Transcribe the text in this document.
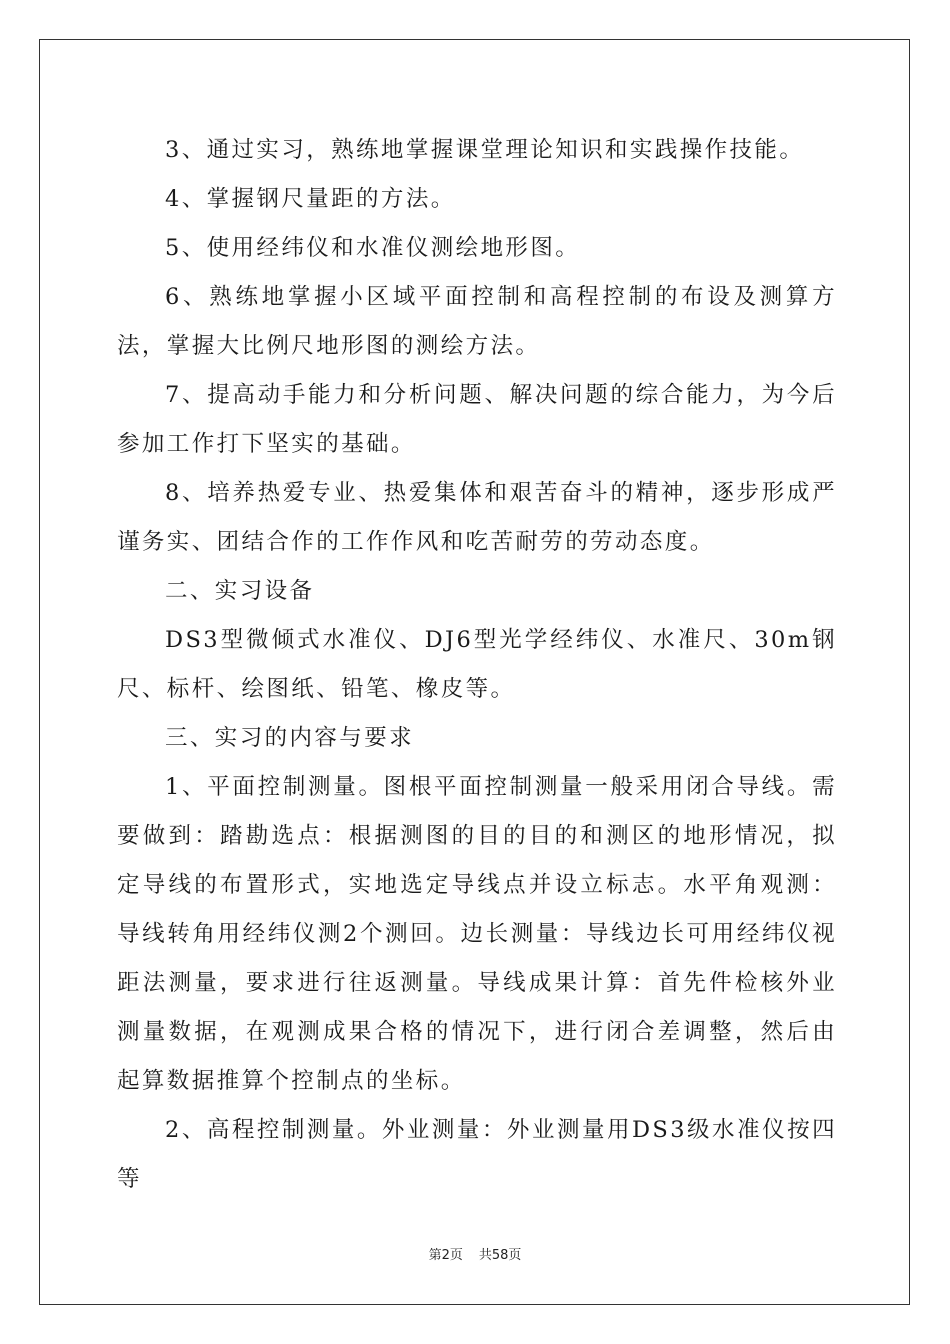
3、通过实习，熟练地掌握课堂理论知识和实践操作技能。

4、掌握钢尺量距的方法。

5、使用经纬仪和水准仪测绘地形图。

6、熟练地掌握小区域平面控制和高程控制的布设及测算方法，掌握大比例尺地形图的测绘方法。

7、提高动手能力和分析问题、解决问题的综合能力，为今后参加工作打下坚实的基础。

8、培养热爱专业、热爱集体和艰苦奋斗的精神，逐步形成严谨务实、团结合作的工作作风和吃苦耐劳的劳动态度。

二、实习设备

DS3型微倾式水准仪、DJ6型光学经纬仪、水准尺、30m钢尺、标杆、绘图纸、铅笔、橡皮等。

三、实习的内容与要求

1、平面控制测量。图根平面控制测量一般采用闭合导线。需要做到：踏勘选点：根据测图的目的目的和测区的地形情况，拟定导线的布置形式，实地选定导线点并设立标志。水平角观测：导线转角用经纬仪测2个测回。边长测量：导线边长可用经纬仪视距法测量，要求进行往返测量。导线成果计算：首先件检核外业测量数据，在观测成果合格的情况下，进行闭合差调整，然后由起算数据推算个控制点的坐标。

2、高程控制测量。外业测量：外业测量用DS3级水准仪按四等

第2页 共58页
